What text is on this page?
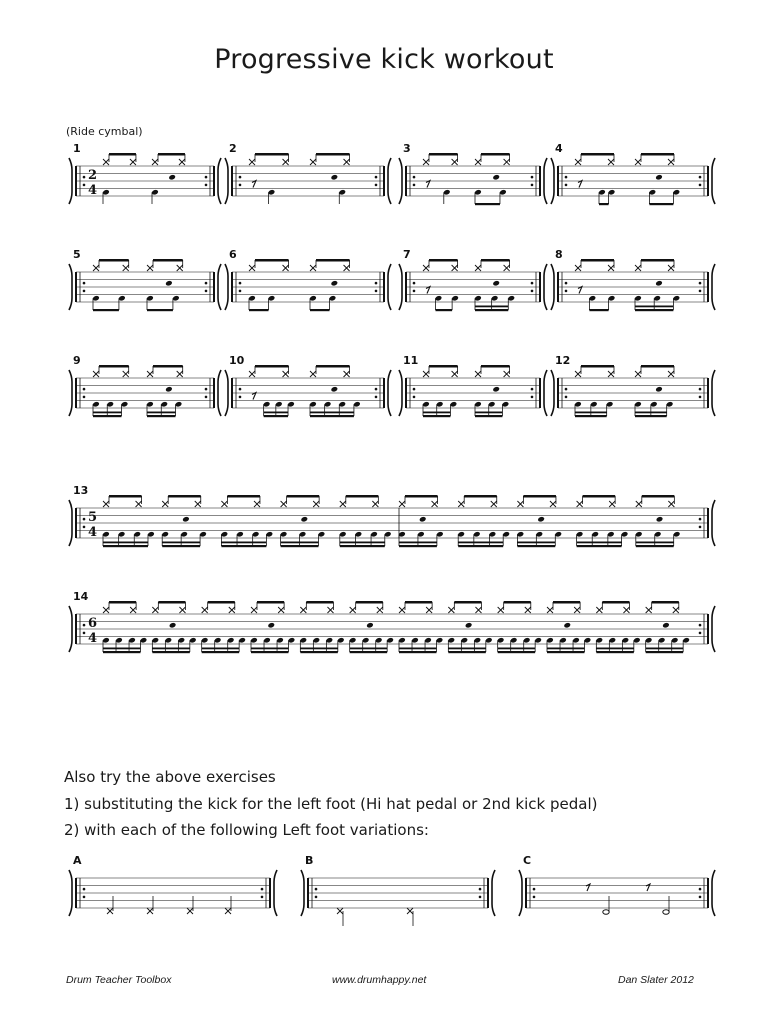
Progressive kick workout
(Ride cymbal)
1
2
4
2	3	4
5	6	7	8
9	10	11	12
13
5
4
14
6
4
A	B	C
Also try the above exercises
1) substituting the kick for the left foot (Hi hat pedal or 2nd kick pedal)
2) with each of the following Left foot variations:
Drum Teacher Toolbox	www.drumhappy.net	Dan Slater 2012
